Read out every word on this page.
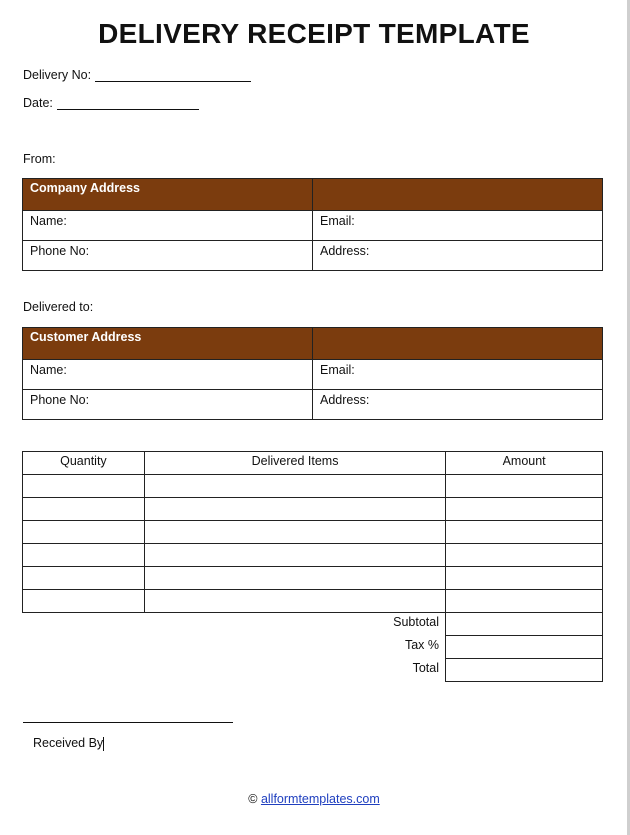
DELIVERY RECEIPT TEMPLATE
Delivery No:
Date:
From:
Company Address	
Name:	Email:
Phone No:	Address:
Delivered to:
Customer Address	
Name:	Email:
Phone No:	Address:
Quantity	Delivered Items	Amount

Subtotal	
Tax %	
Total	
Received By
© allformtemplates.com
